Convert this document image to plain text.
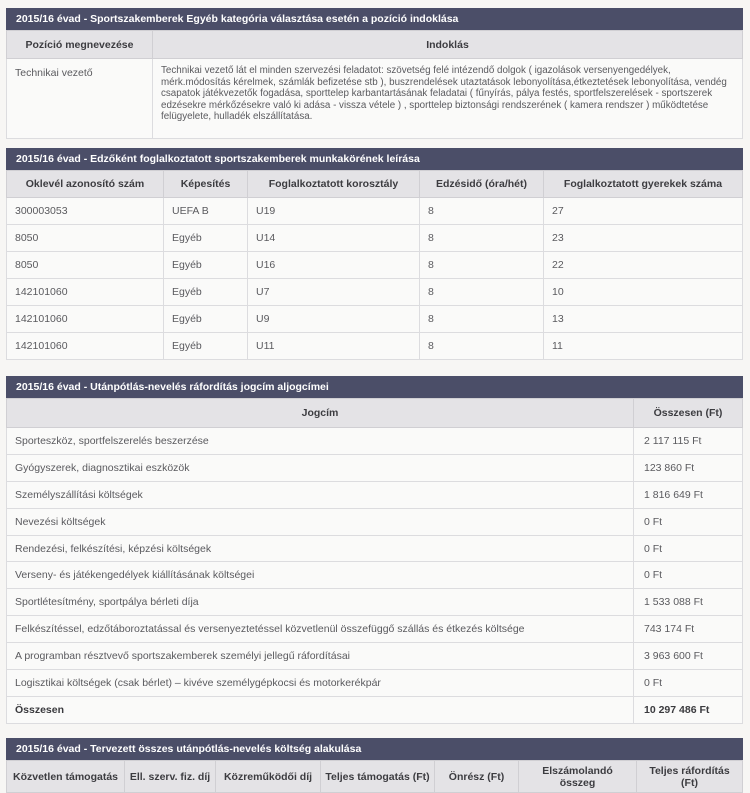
2015/16 évad - Sportszakemberek Egyéb kategória választása esetén a pozíció indoklása
Pozíció megnevezése	Indoklás
Technikai vezető	Technikai vezető lát el minden szervezési feladatot: szövetség felé intézendő dolgok ( igazolások versenyengedélyek, mérk.módosítás kérelmek, számlák befizetése stb ), buszrendelések utaztatások lebonyolítása,étkeztetések lebonyolítása, vendég csapatok játékvezetők fogadása, sporttelep karbantartásának feladatai ( fűnyírás, pálya festés, sportfelszerelések - sportszerek edzésekre mérkőzésekre való ki adása - vissza vétele ) , sporttelep biztonsági rendszerének ( kamera rendszer ) működtetése felügyelete, hulladék elszállítatása.
2015/16 évad - Edzőként foglalkoztatott sportszakemberek munkakörének leírása
Oklevél azonosító szám	Képesítés	Foglalkoztatott korosztály	Edzésidő (óra/hét)	Foglalkoztatott gyerekek száma
300003053	UEFA B	U19	8	27
8050	Egyéb	U14	8	23
8050	Egyéb	U16	8	22
142101060	Egyéb	U7	8	10
142101060	Egyéb	U9	8	13
142101060	Egyéb	U11	8	11
2015/16 évad - Utánpótlás-nevelés ráfordítás jogcím aljogcímei
Jogcím	Összesen (Ft)
Sporteszköz, sportfelszerelés beszerzése	2 117 115 Ft
Gyógyszerek, diagnosztikai eszközök	123 860 Ft
Személyszállítási költségek	1 816 649 Ft
Nevezési költségek	0 Ft
Rendezési, felkészítési, képzési költségek	0 Ft
Verseny- és játékengedélyek kiállításának költségei	0 Ft
Sportlétesítmény, sportpálya bérleti díja	1 533 088 Ft
Felkészítéssel, edzőtáboroztatással és versenyeztetéssel közvetlenül összefüggő szállás és étkezés költsége	743 174 Ft
A programban résztvevő sportszakemberek személyi jellegű ráfordításai	3 963 600 Ft
Logisztikai költségek (csak bérlet) – kivéve személygépkocsi és motorkerékpár	0 Ft
Összesen	10 297 486 Ft
2015/16 évad - Tervezett összes utánpótlás-nevelés költség alakulása
Közvetlen támogatás	Ell. szerv. fiz. díj	Közreműködői díj	Teljes támogatás (Ft)	Önrész (Ft)	Elszámolandó összeg	Teljes ráfordítás (Ft)
